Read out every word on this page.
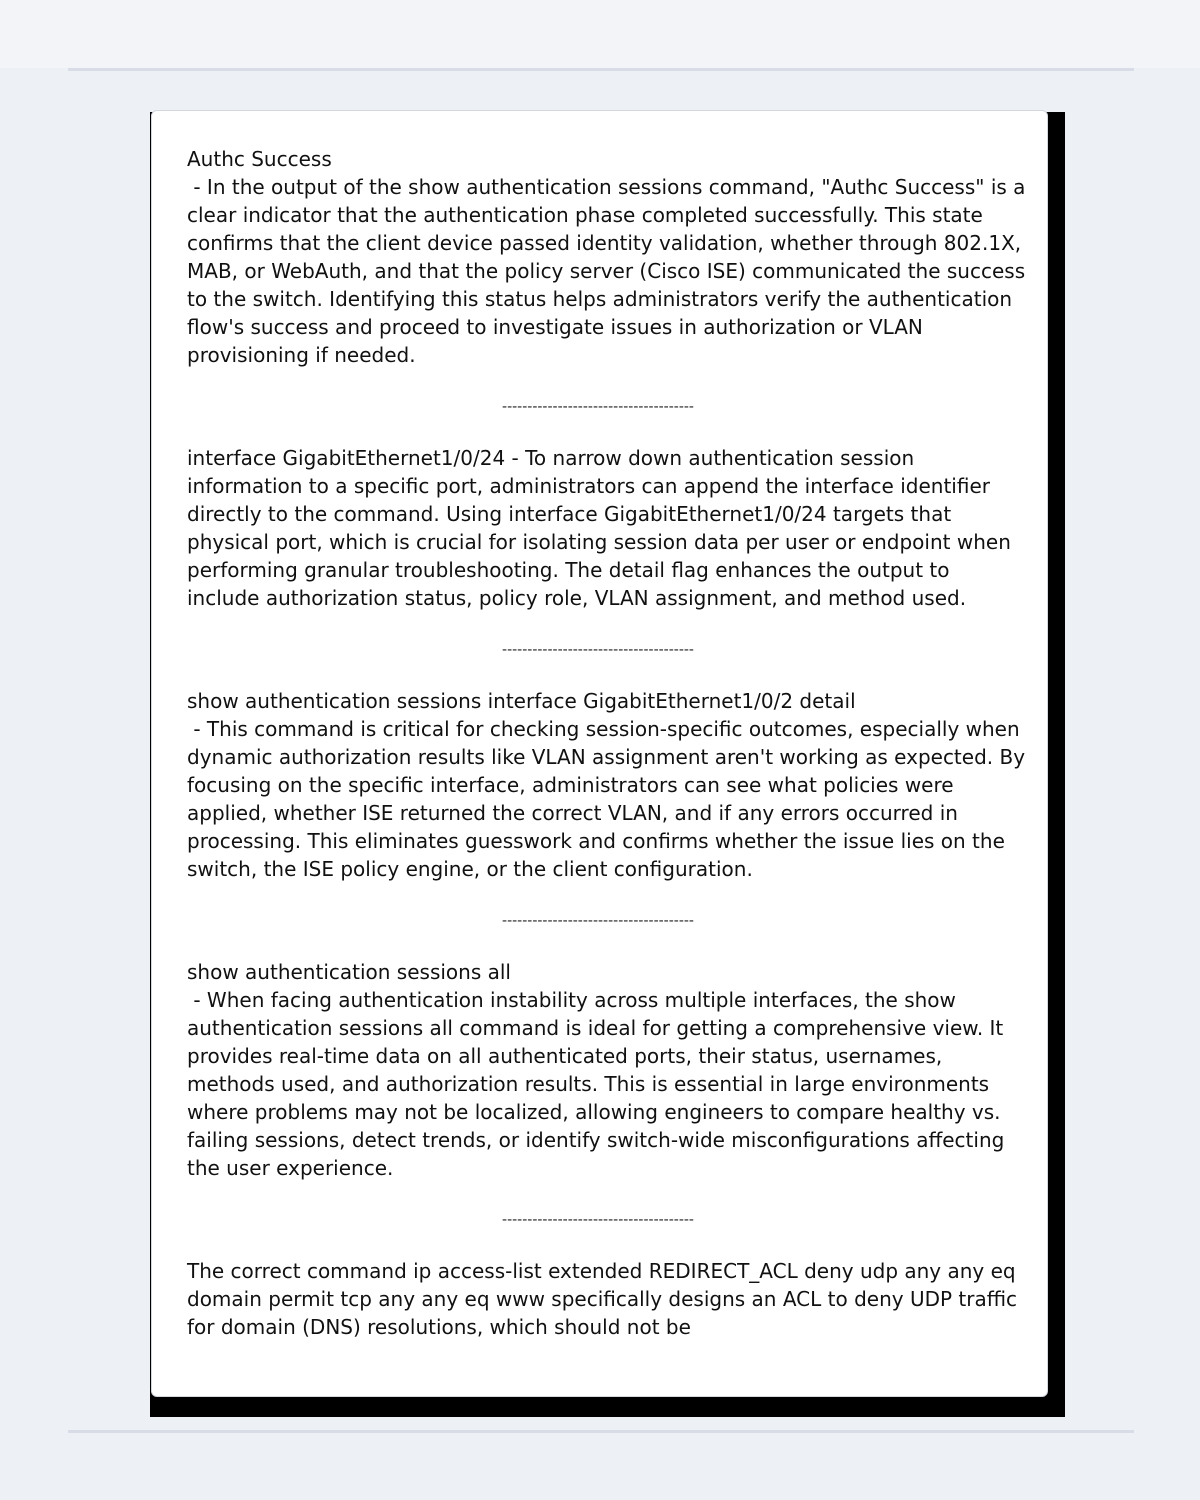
Authc Success

- In the output of the show authentication sessions command, "Authc Success" is a clear indicator that the authentication phase completed successfully. This state confirms that the client device passed identity validation, whether through 802.1X, MAB, or WebAuth, and that the policy server (Cisco ISE) communicated the success to the switch. Identifying this status helps administrators verify the authentication flow's success and proceed to investigate issues in authorization or VLAN provisioning if needed.

--------------------------------------

interface GigabitEthernet1/0/24 - To narrow down authentication session information to a specific port, administrators can append the interface identifier directly to the command. Using interface GigabitEthernet1/0/24 targets that physical port, which is crucial for isolating session data per user or endpoint when performing granular troubleshooting. The detail flag enhances the output to include authorization status, policy role, VLAN assignment, and method used.

--------------------------------------

show authentication sessions interface GigabitEthernet1/0/2 detail

- This command is critical for checking session-specific outcomes, especially when dynamic authorization results like VLAN assignment aren't working as expected. By focusing on the specific interface, administrators can see what policies were applied, whether ISE returned the correct VLAN, and if any errors occurred in processing. This eliminates guesswork and confirms whether the issue lies on the switch, the ISE policy engine, or the client configuration.

--------------------------------------

show authentication sessions all

- When facing authentication instability across multiple interfaces, the show authentication sessions all command is ideal for getting a comprehensive view. It provides real-time data on all authenticated ports, their status, usernames, methods used, and authorization results. This is essential in large environments where problems may not be localized, allowing engineers to compare healthy vs. failing sessions, detect trends, or identify switch-wide misconfigurations affecting the user experience.

--------------------------------------

The correct command ip access-list extended REDIRECT_ACL deny udp any any eq domain permit tcp any any eq www specifically designs an ACL to deny UDP traffic for domain (DNS) resolutions, which should not be
